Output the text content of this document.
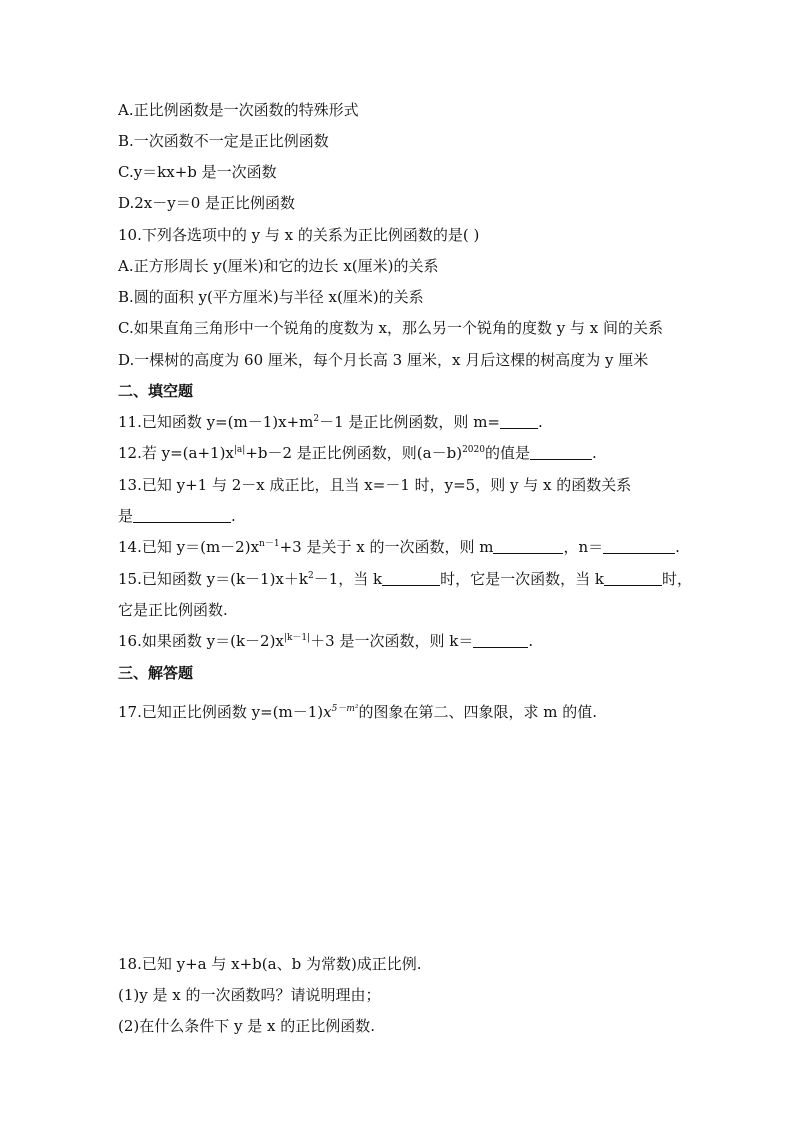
A.正比例函数是一次函数的特殊形式
B.一次函数不一定是正比例函数
C.y＝kx+b 是一次函数
D.2x－y＝0 是正比例函数
10.下列各选项中的 y 与 x 的关系为正比例函数的是( )
A.正方形周长 y(厘米)和它的边长 x(厘米)的关系
B.圆的面积 y(平方厘米)与半径 x(厘米)的关系
C.如果直角三角形中一个锐角的度数为 x，那么另一个锐角的度数 y 与 x 间的关系
D.一棵树的高度为 60 厘米，每个月长高 3 厘米，x 月后这棵的树高度为 y 厘米
二、填空题
11.已知函数 $y=(m-1)x+m^2-1$ 是正比例函数，则 m=	.
12.若 $y=(a+1)x^{|a|}+b-2$ 是正比例函数，则$(a-b)^{2020}$的值是	.
13.已知 y+1 与 2－x 成正比，且当 x=－1 时，y=5，则 y 与 x 的函数关系
是	.
14.已知 $y=(m-2)x^{n-1}+3$ 是关于 x 的一次函数，则 m	，n＝	.
15.已知函数 $y=(k-1)x+k^2-1$，当 k	时，它是一次函数，当 k	时，
它是正比例函数.
16.如果函数 $y=(k-2)x^{|k-1|}+3$ 是一次函数，则 k＝	.
三、解答题
17.已知正比例函数 $y=(m-1)x^{5-m^2}$的图象在第二、四象限，求 m 的值.
18.已知 y+a 与 x+b(a、b 为常数)成正比例.
(1)y 是 x 的一次函数吗？请说明理由；
(2)在什么条件下 y 是 x 的正比例函数.
